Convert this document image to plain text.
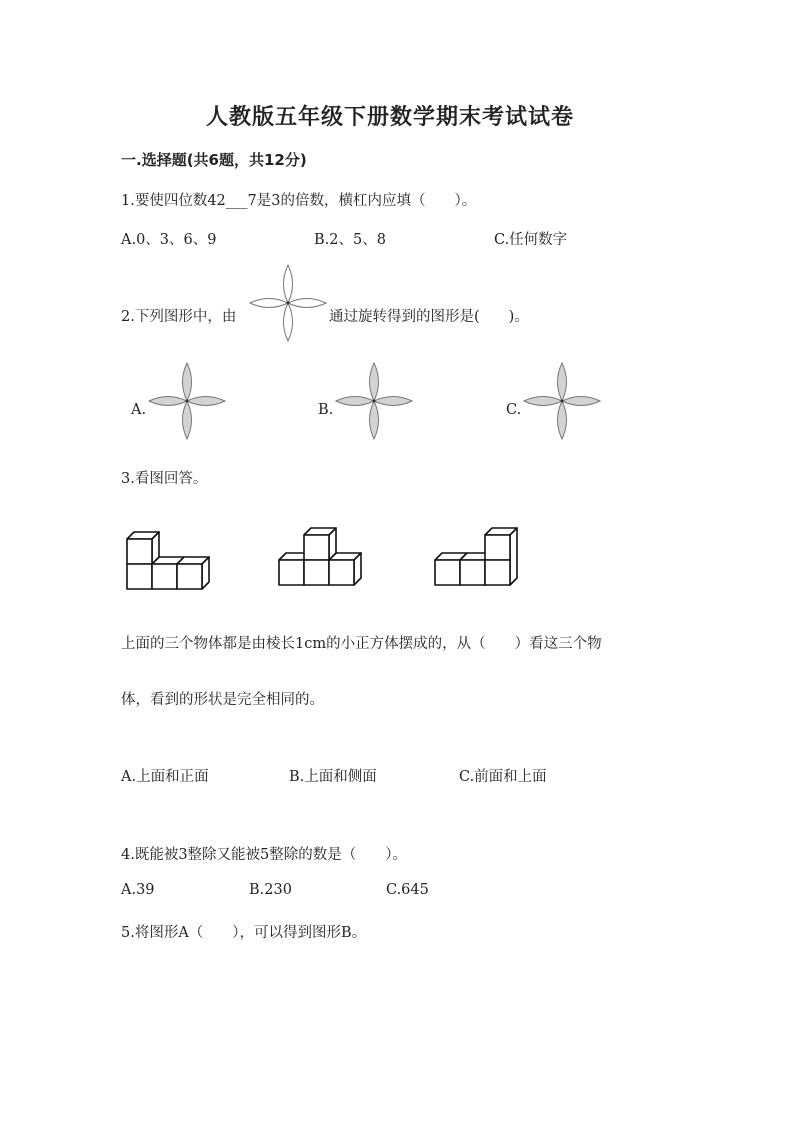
人教版五年级下册数学期末考试试卷
一.选择题(共6题，共12分)
1.要使四位数42___7是3的倍数，横杠内应填（　　）。
A.0、3、6、9	B.2、5、8	C.任何数字
2.下列图形中，由	通过旋转得到的图形是(　　)。
A.	B.	C.
3.看图回答。
上面的三个物体都是由棱长1cm的小正方体摆成的，从（　　）看这三个物
体，看到的形状是完全相同的。
A.上面和正面	B.上面和侧面	C.前面和上面
4.既能被3整除又能被5整除的数是（　　）。
A.39	B.230	C.645
5.将图形A（　　），可以得到图形B。
